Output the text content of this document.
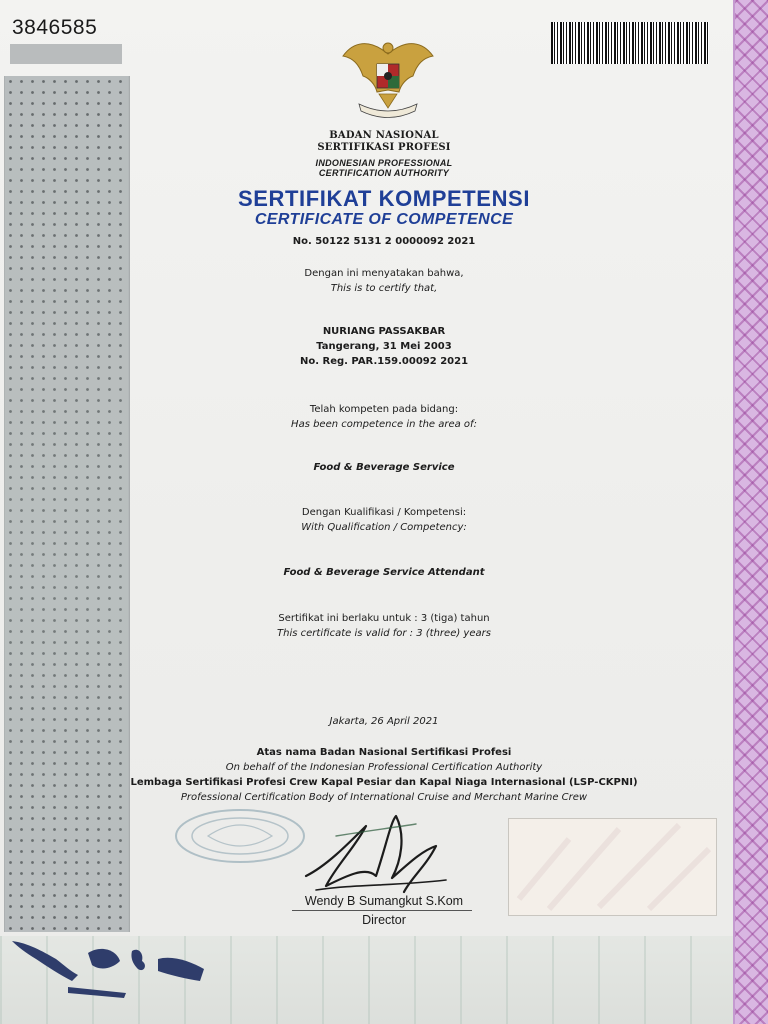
3846585
BADAN NASIONAL
SERTIFIKASI PROFESI
INDONESIAN PROFESSIONAL
CERTIFICATION AUTHORITY
SERTIFIKAT KOMPETENSI
CERTIFICATE OF COMPETENCE
No. 50122 5131 2 0000092 2021
Dengan ini menyatakan bahwa,
This is to certify that,
NURIANG PASSAKBAR
Tangerang, 31 Mei 2003
No. Reg. PAR.159.00092 2021
Telah kompeten pada bidang:
Has been competence in the area of:
Food & Beverage Service
Dengan Kualifikasi / Kompetensi:
With Qualification / Competency:
Food & Beverage Service Attendant
Sertifikat ini berlaku untuk : 3 (tiga) tahun
This certificate is valid for : 3 (three) years
Jakarta, 26 April 2021
Atas nama Badan Nasional Sertifikasi Profesi
On behalf of the Indonesian Professional Certification Authority
Lembaga Sertifikasi Profesi Crew Kapal Pesiar dan Kapal Niaga Internasional (LSP-CKPNI)
Professional Certification Body of International Cruise and Merchant Marine Crew
Wendy B Sumangkut S.Kom
Director
